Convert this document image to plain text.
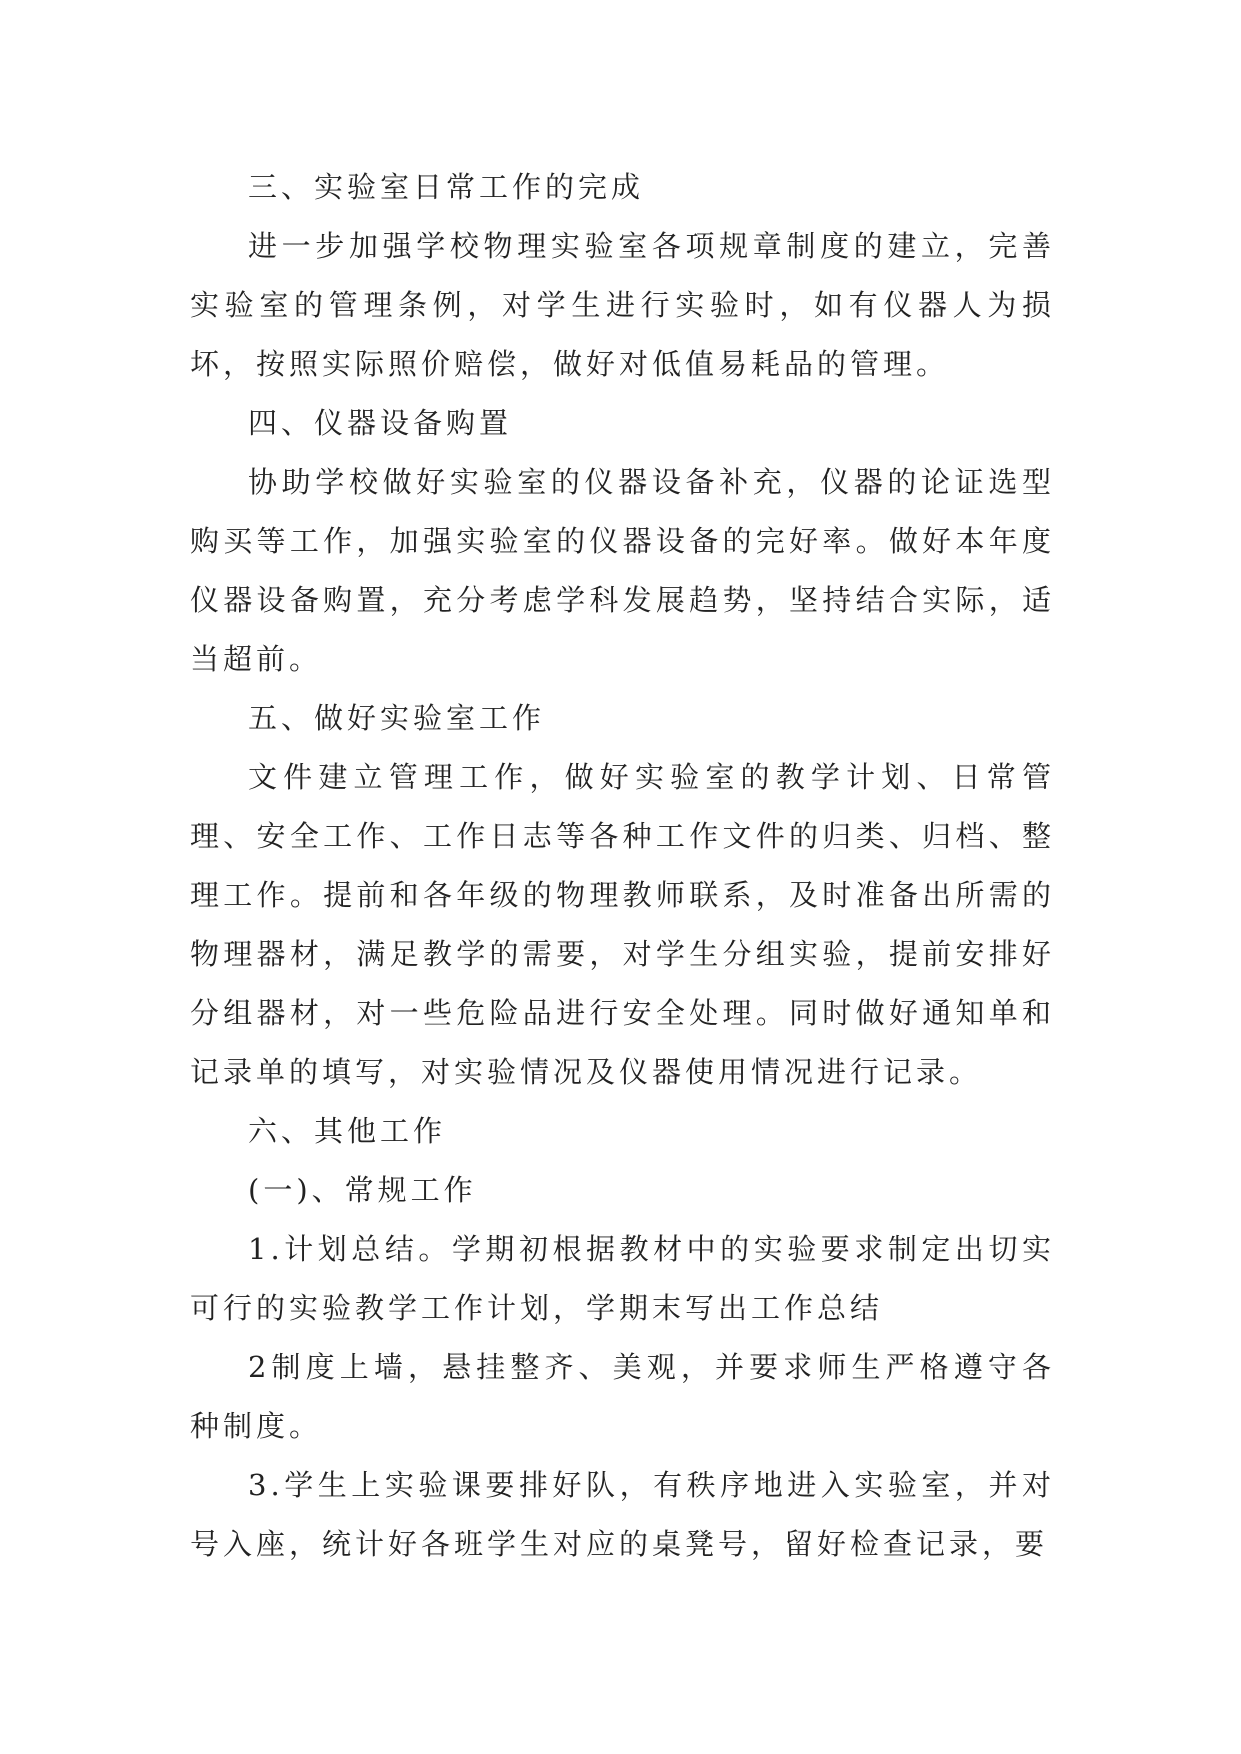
三、实验室日常工作的完成

进一步加强学校物理实验室各项规章制度的建立，完善实验室的管理条例，对学生进行实验时，如有仪器人为损坏，按照实际照价赔偿，做好对低值易耗品的管理。

四、仪器设备购置

协助学校做好实验室的仪器设备补充，仪器的论证选型购买等工作，加强实验室的仪器设备的完好率。做好本年度仪器设备购置，充分考虑学科发展趋势，坚持结合实际，适当超前。

五、做好实验室工作

文件建立管理工作，做好实验室的教学计划、日常管理、安全工作、工作日志等各种工作文件的归类、归档、整理工作。提前和各年级的物理教师联系，及时准备出所需的物理器材，满足教学的需要，对学生分组实验，提前安排好分组器材，对一些危险品进行安全处理。同时做好通知单和记录单的填写，对实验情况及仪器使用情况进行记录。

六、其他工作

(一)、常规工作

1.计划总结。学期初根据教材中的实验要求制定出切实可行的实验教学工作计划，学期末写出工作总结

2制度上墙，悬挂整齐、美观，并要求师生严格遵守各种制度。

3.学生上实验课要排好队，有秩序地进入实验室，并对号入座，统计好各班学生对应的桌凳号，留好检查记录，要
